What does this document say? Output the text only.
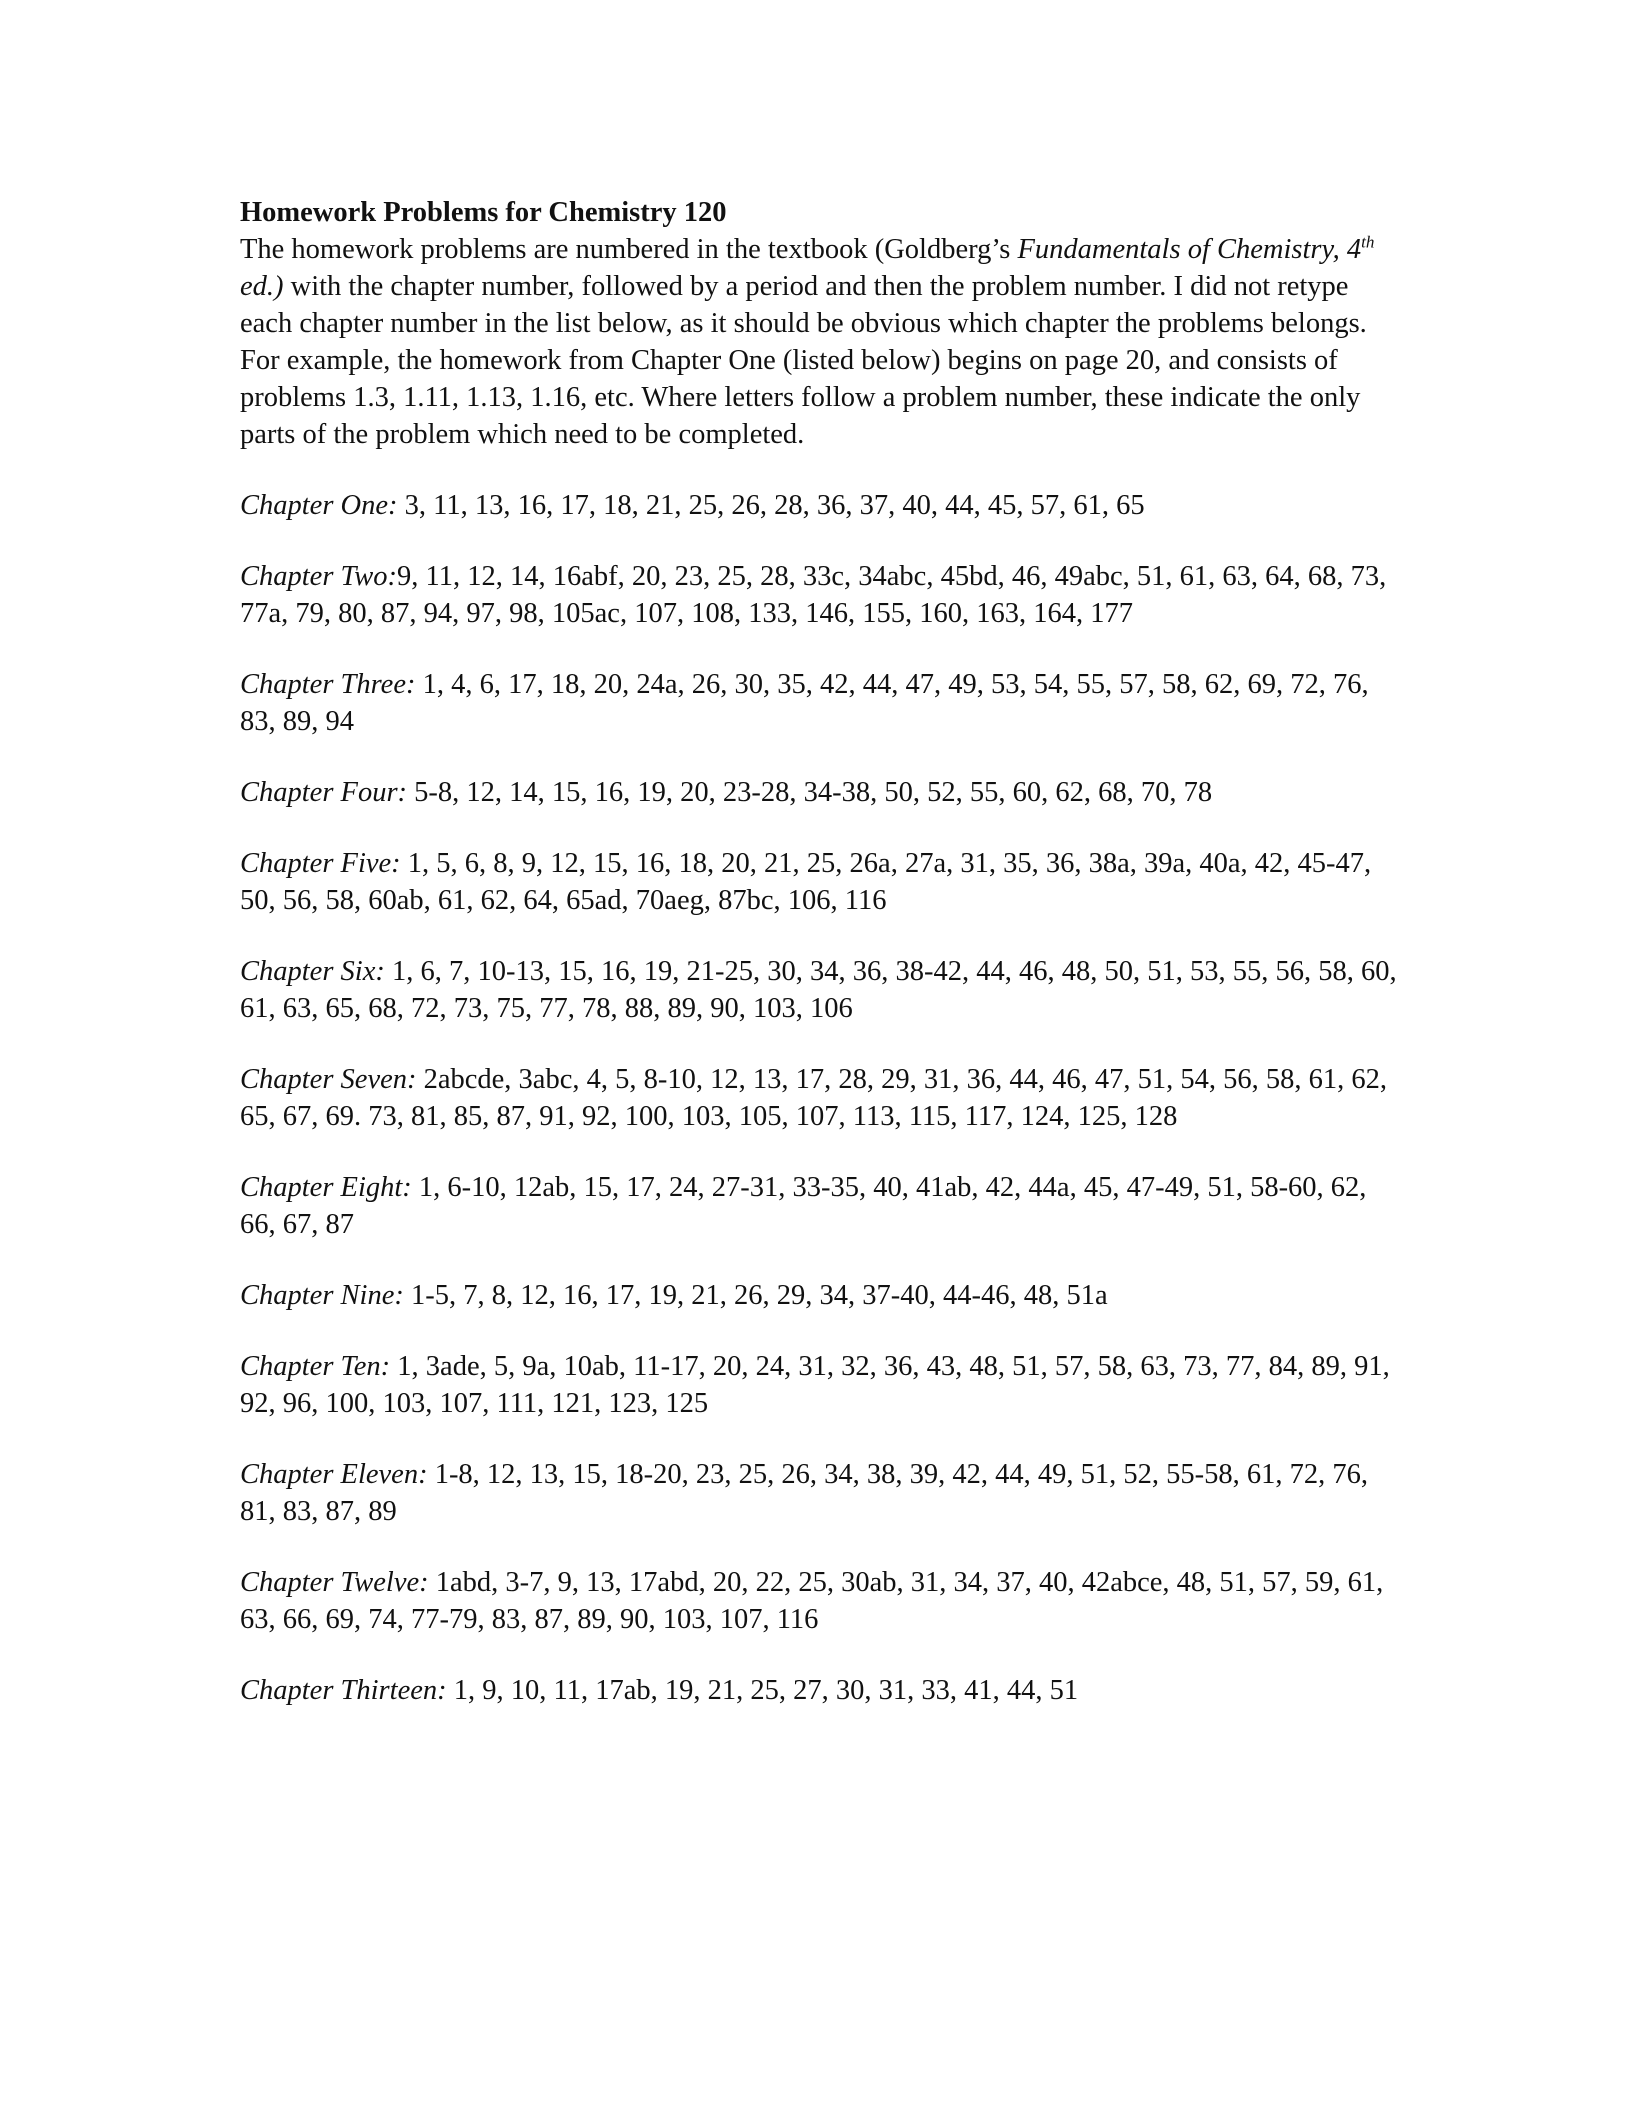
Homework Problems for Chemistry 120

The homework problems are numbered in the textbook (Goldberg’s Fundamentals of Chemistry, 4th ed.) with the chapter number, followed by a period and then the problem number. I did not retype each chapter number in the list below, as it should be obvious which chapter the problems belongs. For example, the homework from Chapter One (listed below) begins on page 20, and consists of problems 1.3, 1.11, 1.13, 1.16, etc. Where letters follow a problem number, these indicate the only parts of the problem which need to be completed.

Chapter One: 3, 11, 13, 16, 17, 18, 21, 25, 26, 28, 36, 37, 40, 44, 45, 57, 61, 65

Chapter Two:9, 11, 12, 14, 16abf, 20, 23, 25, 28, 33c, 34abc, 45bd, 46, 49abc, 51, 61, 63, 64, 68, 73, 77a, 79, 80, 87, 94, 97, 98, 105ac, 107, 108, 133, 146, 155, 160, 163, 164, 177

Chapter Three: 1, 4, 6, 17, 18, 20, 24a, 26, 30, 35, 42, 44, 47, 49, 53, 54, 55, 57, 58, 62, 69, 72, 76, 83, 89, 94

Chapter Four: 5-8, 12, 14, 15, 16, 19, 20, 23-28, 34-38, 50, 52, 55, 60, 62, 68, 70, 78

Chapter Five: 1, 5, 6, 8, 9, 12, 15, 16, 18, 20, 21, 25, 26a, 27a, 31, 35, 36, 38a, 39a, 40a, 42, 45-47, 50, 56, 58, 60ab, 61, 62, 64, 65ad, 70aeg, 87bc, 106, 116

Chapter Six: 1, 6, 7, 10-13, 15, 16, 19, 21-25, 30, 34, 36, 38-42, 44, 46, 48, 50, 51, 53, 55, 56, 58, 60, 61, 63, 65, 68, 72, 73, 75, 77, 78, 88, 89, 90, 103, 106

Chapter Seven: 2abcde, 3abc, 4, 5, 8-10, 12, 13, 17, 28, 29, 31, 36, 44, 46, 47, 51, 54, 56, 58, 61, 62, 65, 67, 69. 73, 81, 85, 87, 91, 92, 100, 103, 105, 107, 113, 115, 117, 124, 125, 128

Chapter Eight: 1, 6-10, 12ab, 15, 17, 24, 27-31, 33-35, 40, 41ab, 42, 44a, 45, 47-49, 51, 58-60, 62, 66, 67, 87

Chapter Nine: 1-5, 7, 8, 12, 16, 17, 19, 21, 26, 29, 34, 37-40, 44-46, 48, 51a

Chapter Ten: 1, 3ade, 5, 9a, 10ab, 11-17, 20, 24, 31, 32, 36, 43, 48, 51, 57, 58, 63, 73, 77, 84, 89, 91, 92, 96, 100, 103, 107, 111, 121, 123, 125

Chapter Eleven: 1-8, 12, 13, 15, 18-20, 23, 25, 26, 34, 38, 39, 42, 44, 49, 51, 52, 55-58, 61, 72, 76, 81, 83, 87, 89

Chapter Twelve: 1abd, 3-7, 9, 13, 17abd, 20, 22, 25, 30ab, 31, 34, 37, 40, 42abce, 48, 51, 57, 59, 61, 63, 66, 69, 74, 77-79, 83, 87, 89, 90, 103, 107, 116

Chapter Thirteen: 1, 9, 10, 11, 17ab, 19, 21, 25, 27, 30, 31, 33, 41, 44, 51
